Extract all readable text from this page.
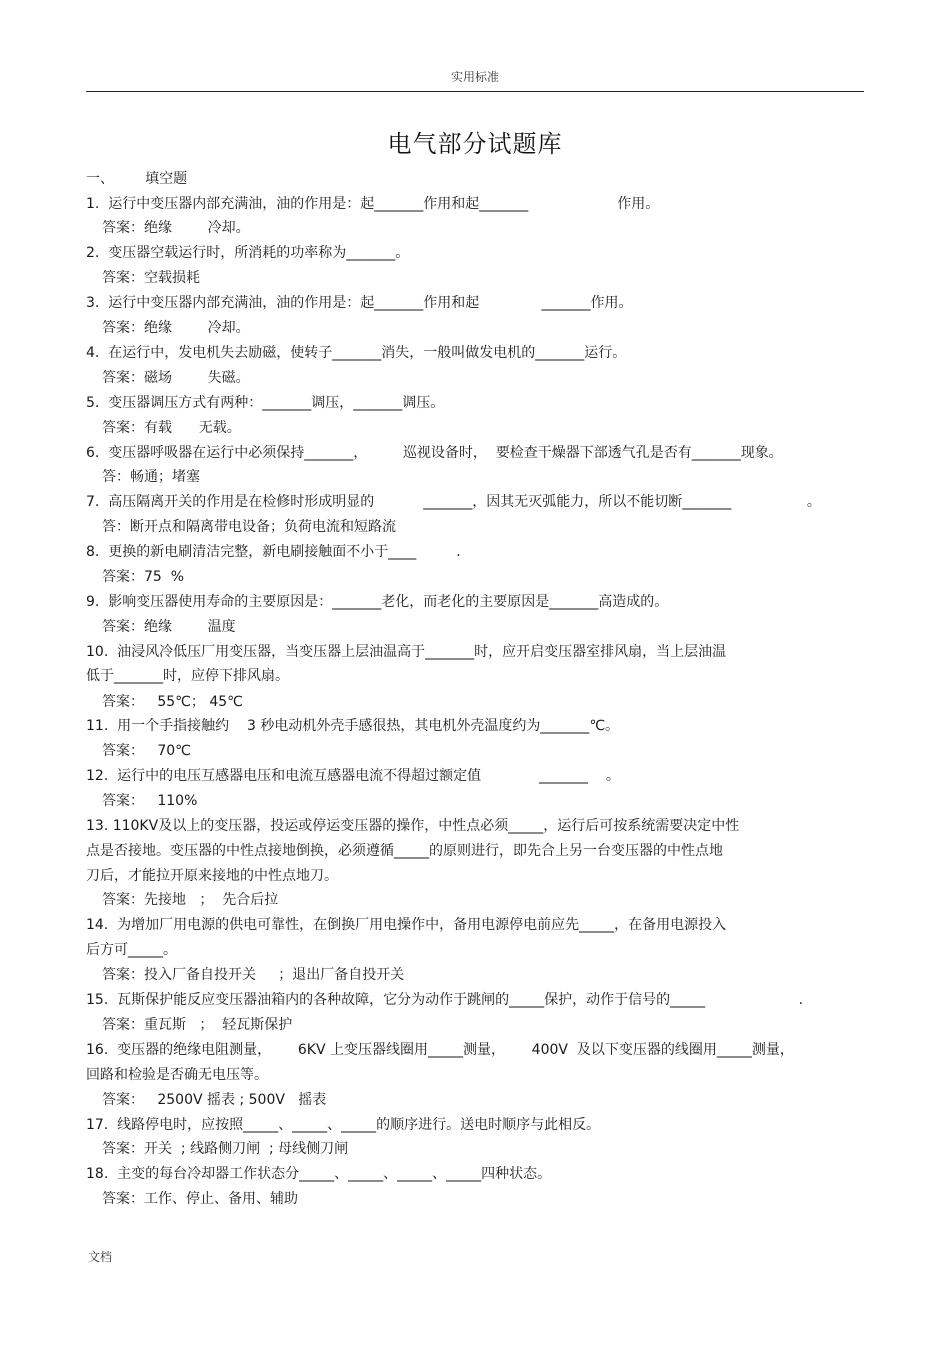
实用标准
电气部分试题库
一、       填空题
1.  运行中变压器内部充满油，油的作用是：起_______作用和起_______                    作用。
答案：绝缘        冷却。
2.  变压器空载运行时，所消耗的功率称为_______。
答案：空载损耗
3.  运行中变压器内部充满油，油的作用是：起_______作用和起              _______作用。
答案：绝缘        冷却。
4.  在运行中，发电机失去励磁，使转子_______消失，一般叫做发电机的_______运行。
答案：磁场        失磁。
5.  变压器调压方式有两种：_______调压，_______调压。
答案：有载      无载。
6.  变压器呼吸器在运行中必须保持_______，        巡视设备时，  要检查干燥器下部透气孔是否有_______现象。
答：畅通；堵塞
7.  高压隔离开关的作用是在检修时形成明显的           _______，因其无灭弧能力，所以不能切断_______                 。
答：断开点和隔离带电设备；负荷电流和短路流
8.  更换的新电刷清洁完整，新电刷接触面不小于____         .
答案：75  %
9.  影响变压器使用寿命的主要原因是：_______老化，而老化的主要原因是_______高造成的。
答案：绝缘        温度
10.  油浸风冷低压厂用变压器，当变压器上层油温高于_______时，应开启变压器室排风扇，当上层油温
低于_______时，应停下排风扇。
答案：   55℃； 45℃
11.  用一个手指接触约    3 秒电动机外壳手感很热，其电机外壳温度约为_______℃。
答案：   70℃
12.  运行中的电压互感器电压和电流互感器电流不得超过额定值             _______    。
答案：   110%
13. 110KV及以上的变压器，投运或停运变压器的操作，中性点必须_____，运行后可按系统需要决定中性
点是否接地。变压器的中性点接地倒换，必须遵循_____的原则进行，即先合上另一台变压器的中性点地
刀后，才能拉开原来接地的中性点地刀。
答案：先接地   ；  先合后拉
14.  为增加厂用电源的供电可靠性，在倒换厂用电操作中，备用电源停电前应先_____，在备用电源投入
后方可_____。
答案：投入厂备自投开关     ；退出厂备自投开关
15.  瓦斯保护能反应变压器油箱内的各种故障，它分为动作于跳闸的_____保护，动作于信号的_____                     .
答案：重瓦斯   ；  轻瓦斯保护
16.  变压器的绝缘电阻测量，      6KV 上变压器线圈用_____测量，      400V  及以下变压器的线圈用_____测量，
回路和检验是否确无电压等。
答案：   2500V 摇表 ; 500V   摇表
17.  线路停电时，应按照_____、_____、_____的顺序进行。送电时顺序与此相反。
答案：开关  ; 线路侧刀闸  ; 母线侧刀闸
18.  主变的每台冷却器工作状态分_____、_____、_____、_____四种状态。
答案：工作、停止、备用、辅助
文档
